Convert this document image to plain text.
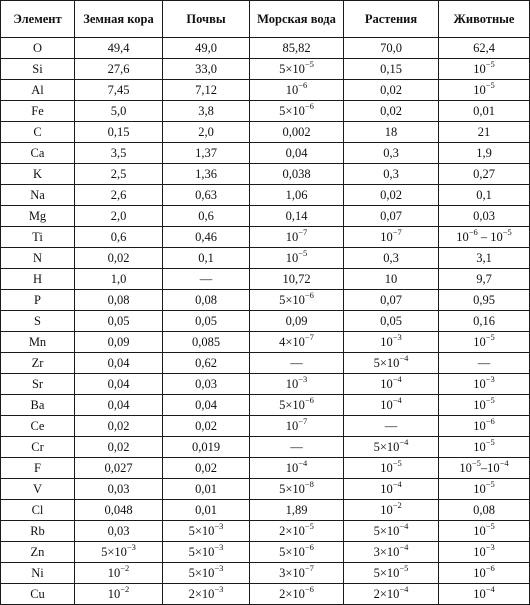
Элемент	Земная кора	Почвы	Морская вода	Растения	Животные
O	49,4	49,0	85,82	70,0	62,4
Si	27,6	33,0	$5\times 10^{-5}$	0,15	$10^{-5}$
Al	7,45	7,12	$10^{-6}$	0,02	$10^{-5}$
Fe	5,0	3,8	$5\times 10^{-6}$	0,02	0,01
C	0,15	2,0	0,002	18	21
Ca	3,5	1,37	0,04	0,3	1,9
K	2,5	1,36	0,038	0,3	0,27
Na	2,6	0,63	1,06	0,02	0,1
Mg	2,0	0,6	0,14	0,07	0,03
Ti	0,6	0,46	$10^{-7}$	$10^{-7}$	$10^{-6} - 10^{-5}$
N	0,02	0,1	$10^{-5}$	0,3	3,1
H	1,0	—	10,72	10	9,7
P	0,08	0,08	$5\times 10^{-6}$	0,07	0,95
S	0,05	0,05	0,09	0,05	0,16
Mn	0,09	0,085	$4\times 10^{-7}$	$10^{-3}$	$10^{-5}$
Zr	0,04	0,62	—	$5\times 10^{-4}$	—
Sr	0,04	0,03	$10^{-3}$	$10^{-4}$	$10^{-3}$
Ba	0,04	0,04	$5\times 10^{-6}$	$10^{-4}$	$10^{-5}$
Ce	0,02	0,02	$10^{-7}$	—	$10^{-6}$
Cr	0,02	0,019	—	$5\times 10^{-4}$	$10^{-5}$
F	0,027	0,02	$10^{-4}$	$10^{-5}$	$10^{-5}-10^{-4}$
V	0,03	0,01	$5\times 10^{-8}$	$10^{-4}$	$10^{-5}$
Cl	0,048	0,01	1,89	$10^{-2}$	0,08
Rb	0,03	$5\times 10^{-3}$	$2\times 10^{-5}$	$5\times 10^{-4}$	$10^{-5}$
Zn	$5\times 10^{-3}$	$5\times 10^{-3}$	$5\times 10^{-6}$	$3\times 10^{-4}$	$10^{-3}$
Ni	$10^{-2}$	$5\times 10^{-3}$	$3\times 10^{-7}$	$5\times 10^{-5}$	$10^{-6}$
Cu	$10^{-2}$	$2\times 10^{-3}$	$2\times 10^{-6}$	$2\times 10^{-4}$	$10^{-4}$
